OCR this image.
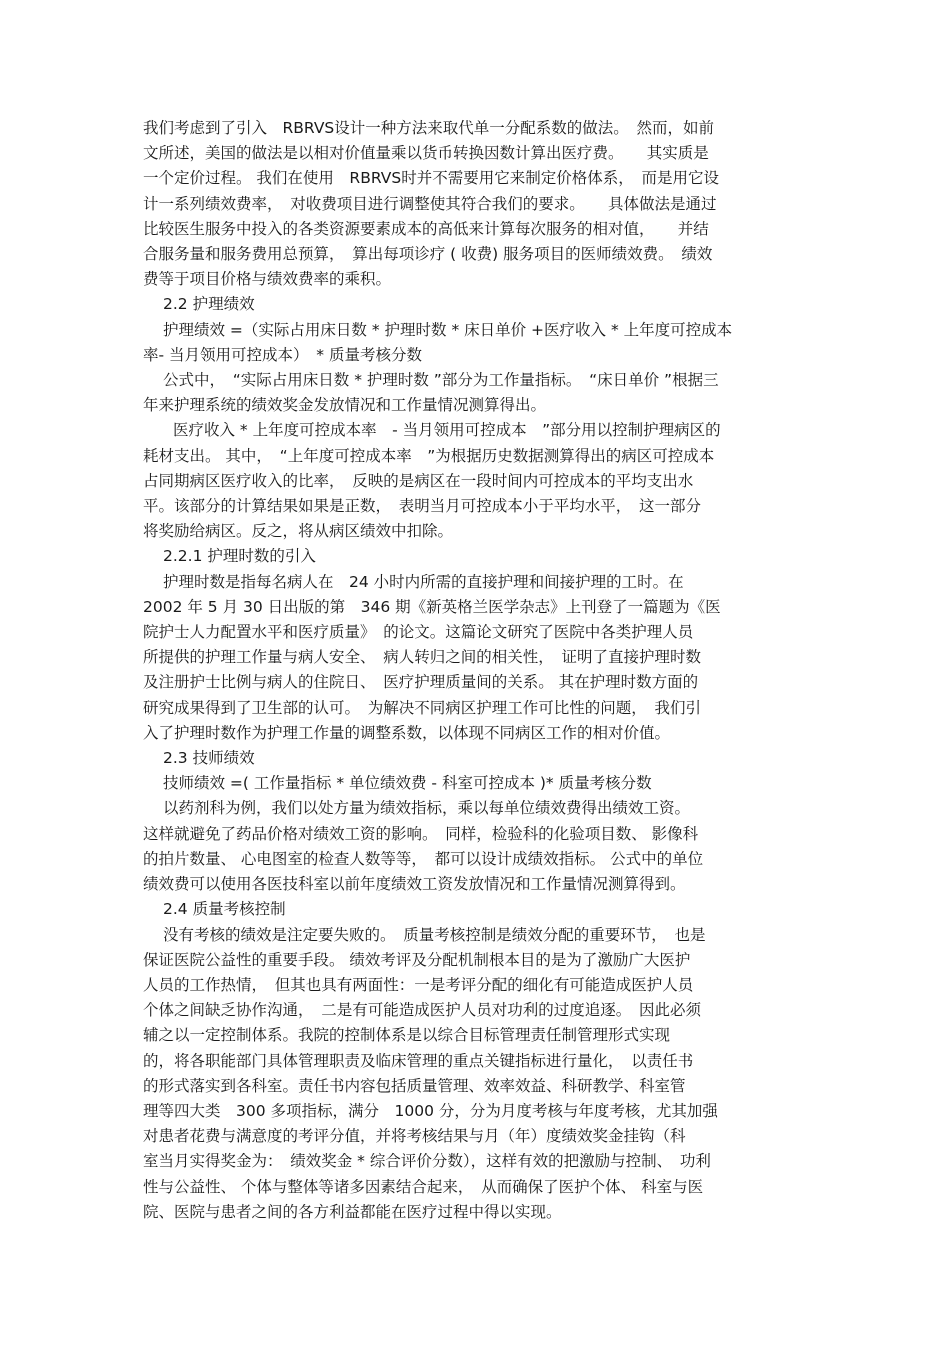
我们考虑到了引入　RBRVS设计一种方法来取代单一分配系数的做法。　然而，如前
文所述，美国的做法是以相对价值量乘以货币转换因数计算出医疗费。　　其实质是
一个定价过程。 我们在使用　RBRVS时并不需要用它来制定价格体系，　而是用它设
计一系列绩效费率，　对收费项目进行调整使其符合我们的要求。　　具体做法是通过
比较医生服务中投入的各类资源要素成本的高低来计算每次服务的相对值，　　并结
合服务量和服务费用总预算，　算出每项诊疗 ( 收费) 服务项目的医师绩效费。　绩效
费等于项目价格与绩效费率的乘积。
2.2 护理绩效
护理绩效 =（实际占用床日数 * 护理时数 * 床日单价 +医疗收入 * 上年度可控成本
率- 当月领用可控成本）　* 质量考核分数
公式中，　“实际占用床日数 * 护理时数 ”部分为工作量指标。　“床日单价 ”根据三
年来护理系统的绩效奖金发放情况和工作量情况测算得出。
医疗收入 * 上年度可控成本率　- 当月领用可控成本　”部分用以控制护理病区的
耗材支出。 其中，　“上年度可控成本率　”为根据历史数据测算得出的病区可控成本
占同期病区医疗收入的比率，　反映的是病区在一段时间内可控成本的平均支出水
平。该部分的计算结果如果是正数，　表明当月可控成本小于平均水平，　这一部分
将奖励给病区。反之，将从病区绩效中扣除。
2.2.1 护理时数的引入
护理时数是指每名病人在　24 小时内所需的直接护理和间接护理的工时。在
2002 年 5 月 30 日出版的第　346 期《新英格兰医学杂志》上刊登了一篇题为《医
院护士人力配置水平和医疗质量》　的论文。这篇论文研究了医院中各类护理人员
所提供的护理工作量与病人安全、　病人转归之间的相关性，　证明了直接护理时数
及注册护士比例与病人的住院日、　医疗护理质量间的关系。 其在护理时数方面的
研究成果得到了卫生部的认可。　为解决不同病区护理工作可比性的问题，　我们引
入了护理时数作为护理工作量的调整系数，以体现不同病区工作的相对价值。
2.3 技师绩效
技师绩效 =( 工作量指标 * 单位绩效费 - 科室可控成本 )* 质量考核分数
以药剂科为例，我们以处方量为绩效指标，乘以每单位绩效费得出绩效工资。
这样就避免了药品价格对绩效工资的影响。　同样，检验科的化验项目数、 影像科
的拍片数量、 心电图室的检查人数等等，　都可以设计成绩效指标。 公式中的单位
绩效费可以使用各医技科室以前年度绩效工资发放情况和工作量情况测算得到。
2.4 质量考核控制
没有考核的绩效是注定要失败的。　质量考核控制是绩效分配的重要环节，　也是
保证医院公益性的重要手段。 绩效考评及分配机制根本目的是为了激励广大医护
人员的工作热情，　但其也具有两面性：一是考评分配的细化有可能造成医护人员
个体之间缺乏协作沟通，　二是有可能造成医护人员对功利的过度追逐。　因此必须
辅之以一定控制体系。我院的控制体系是以综合目标管理责任制管理形式实现
的，将各职能部门具体管理职责及临床管理的重点关键指标进行量化，　以责任书
的形式落实到各科室。责任书内容包括质量管理、效率效益、科研教学、科室管
理等四大类　300 多项指标，满分　1000 分，分为月度考核与年度考核，尤其加强
对患者花费与满意度的考评分值，并将考核结果与月（年）度绩效奖金挂钩（科
室当月实得奖金为：　绩效奖金 * 综合评价分数），这样有效的把激励与控制、　功利
性与公益性、 个体与整体等诸多因素结合起来，　从而确保了医护个体、 科室与医
院、医院与患者之间的各方利益都能在医疗过程中得以实现。
